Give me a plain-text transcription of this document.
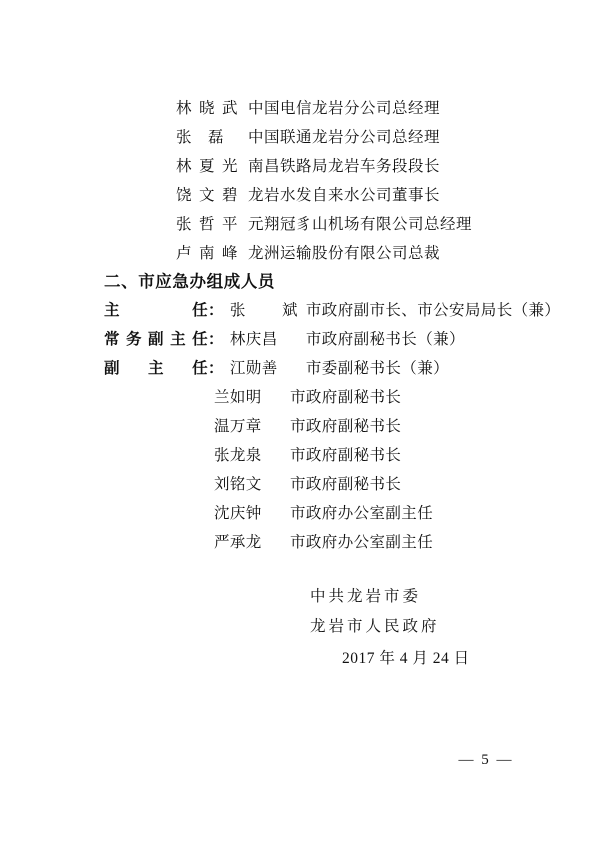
林晓武 中国电信龙岩分公司总经理
张　磊	中国联通龙岩分公司总经理
林夏光 南昌铁路局龙岩车务段段长
饶文碧 龙岩水发自来水公司董事长
张哲平 元翔冠豸山机场有限公司总经理
卢南峰 龙洲运输股份有限公司总裁
二、市应急办组成人员
主任 ： 张　斌 市政府副市长、市公安局局长（兼）
常务副主任 ： 林庆昌	市政府副秘书长（兼）
副主任 ： 江勋善	市委副秘书长（兼）
兰如明	市政府副秘书长
温万章	市政府副秘书长
张龙泉	市政府副秘书长
刘铭文	市政府副秘书长
沈庆钟	市政府办公室副主任
严承龙	市政府办公室副主任
中共龙岩市委
龙岩市人民政府
2017 年 4 月 24 日
— 5 —
